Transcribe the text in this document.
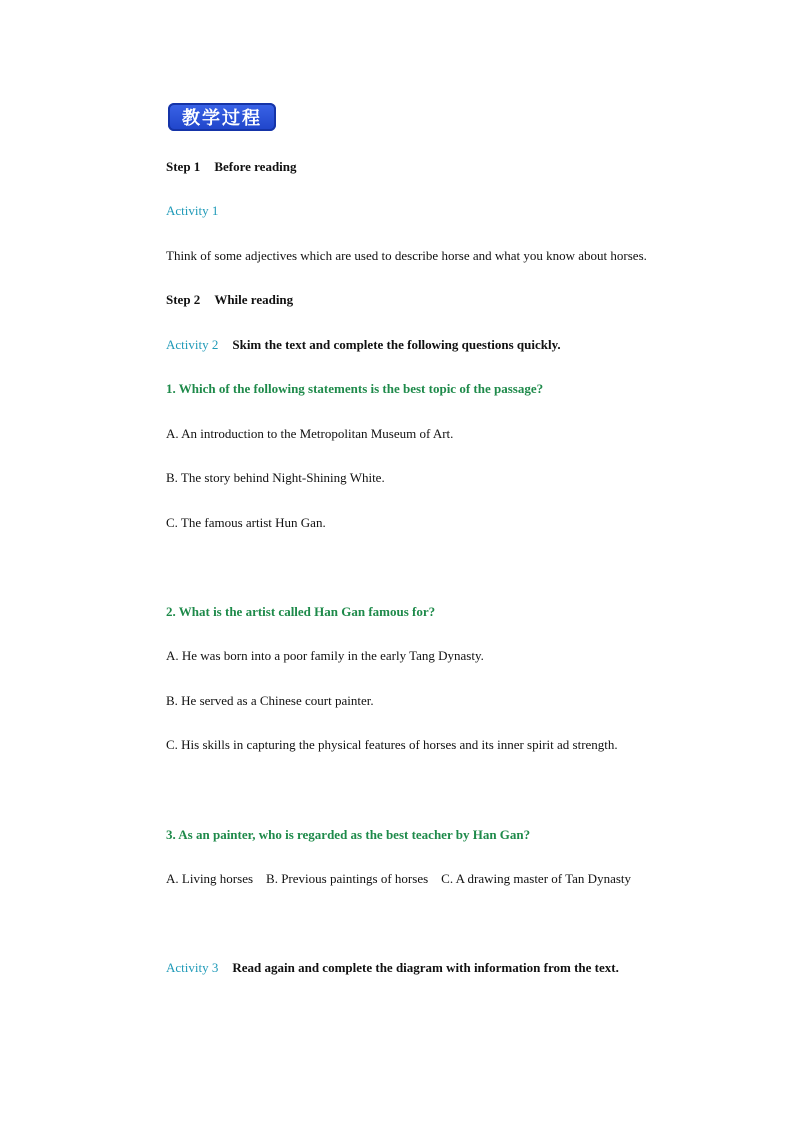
教学过程
Step 1 Before reading
Activity 1
Think of some adjectives which are used to describe horse and what you know about horses.
Step 2 While reading
Activity 2 Skim the text and complete the following questions quickly.
1. Which of the following statements is the best topic of the passage?
A. An introduction to the Metropolitan Museum of Art.
B. The story behind Night-Shining White.
C. The famous artist Hun Gan.
2. What is the artist called Han Gan famous for?
A. He was born into a poor family in the early Tang Dynasty.
B. He served as a Chinese court painter.
C. His skills in capturing the physical features of horses and its inner spirit ad strength.
3. As an painter, who is regarded as the best teacher by Han Gan?
A. Living horses    B. Previous paintings of horses    C. A drawing master of Tan Dynasty
Activity 3 Read again and complete the diagram with information from the text.
